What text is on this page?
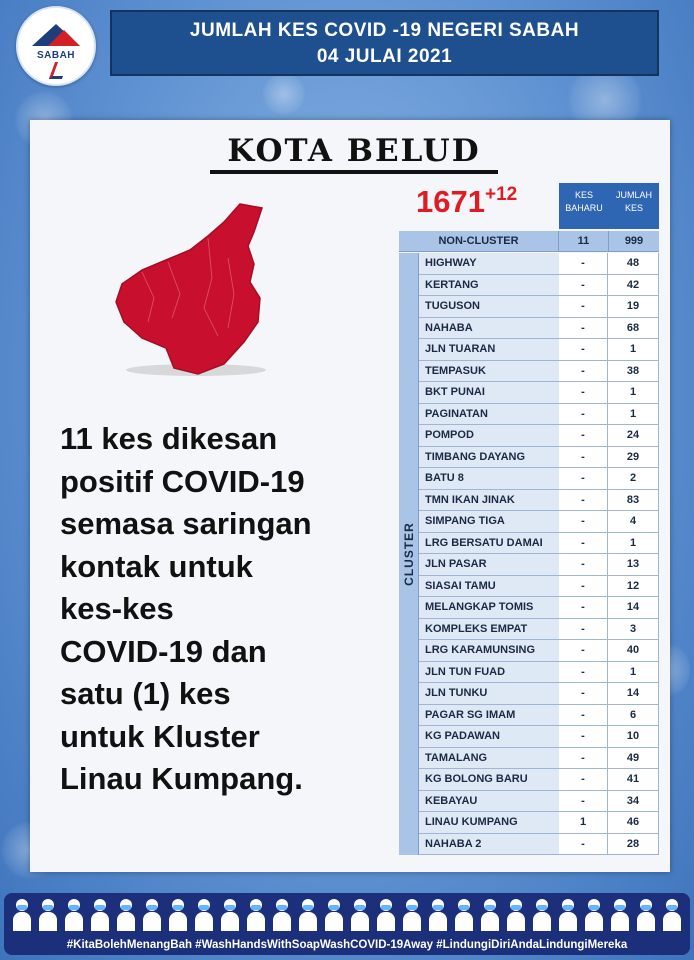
SABAH
JUMLAH KES COVID -19 NEGERI SABAH
04 JULAI 2021
KOTA BELUD
11 kes dikesan
positif COVID-19
semasa saringan
kontak untuk
kes-kes
COVID-19 dan
satu (1) kes
untuk Kluster
Linau Kumpang.
1671+12	KES BAHARU
JUMLAH KES
NON-CLUSTER	11	999
CLUSTER
HIGHWAY	-	48
KERTANG	-	42
TUGUSON	-	19
NAHABA	-	68
JLN TUARAN	-	1
TEMPASUK	-	38
BKT PUNAI	-	1
PAGINATAN	-	1
POMPOD	-	24
TIMBANG DAYANG	-	29
BATU 8	-	2
TMN IKAN JINAK	-	83
SIMPANG TIGA	-	4
LRG BERSATU DAMAI	-	1
JLN PASAR	-	13
SIASAI TAMU	-	12
MELANGKAP TOMIS	-	14
KOMPLEKS EMPAT	-	3
LRG KARAMUNSING	-	40
JLN TUN FUAD	-	1
JLN TUNKU	-	14
PAGAR SG IMAM	-	6
KG PADAWAN	-	10
TAMALANG	-	49
KG BOLONG BARU	-	41
KEBAYAU	-	34
LINAU KUMPANG	1	46
NAHABA 2	-	28
#KitaBolehMenangBah #WashHandsWithSoapWashCOVID-19Away #LindungiDiriAndaLindungiMereka
